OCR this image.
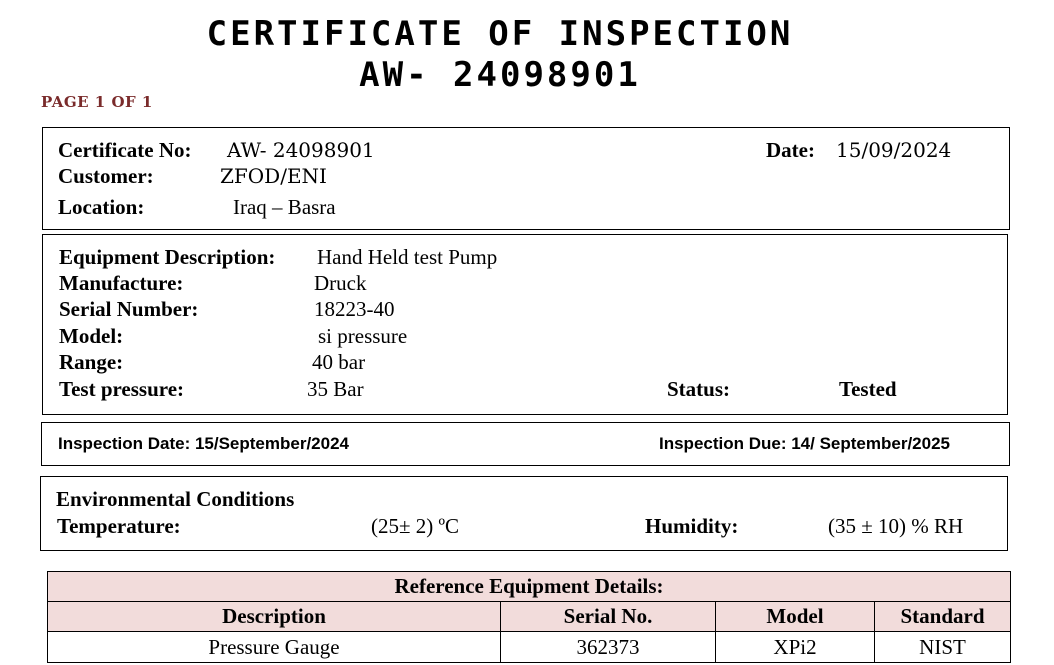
CERTIFICATE OF INSPECTION
AW- 24098901
PAGE 1 OF 1
Certificate No: AW- 24098901	Date: 15/09/2024
Customer:	ZFOD/ENI
Location:	Iraq – Basra
Equipment Description: Hand Held test Pump
Manufacture:	Druck
Serial Number:	18223-40
Model:	si pressure
Range:	40 bar
Test pressure:	35 Bar	Status:	Tested
Inspection Date: 15/September/2024	Inspection Due: 14/ September/2025
Environmental Conditions
Temperature:	(25± 2) ºC	Humidity:	(35 ± 10) % RH
Reference Equipment Details:			
Description	Serial No.	Model	Standard
Pressure Gauge	362373	XPi2	NIST
